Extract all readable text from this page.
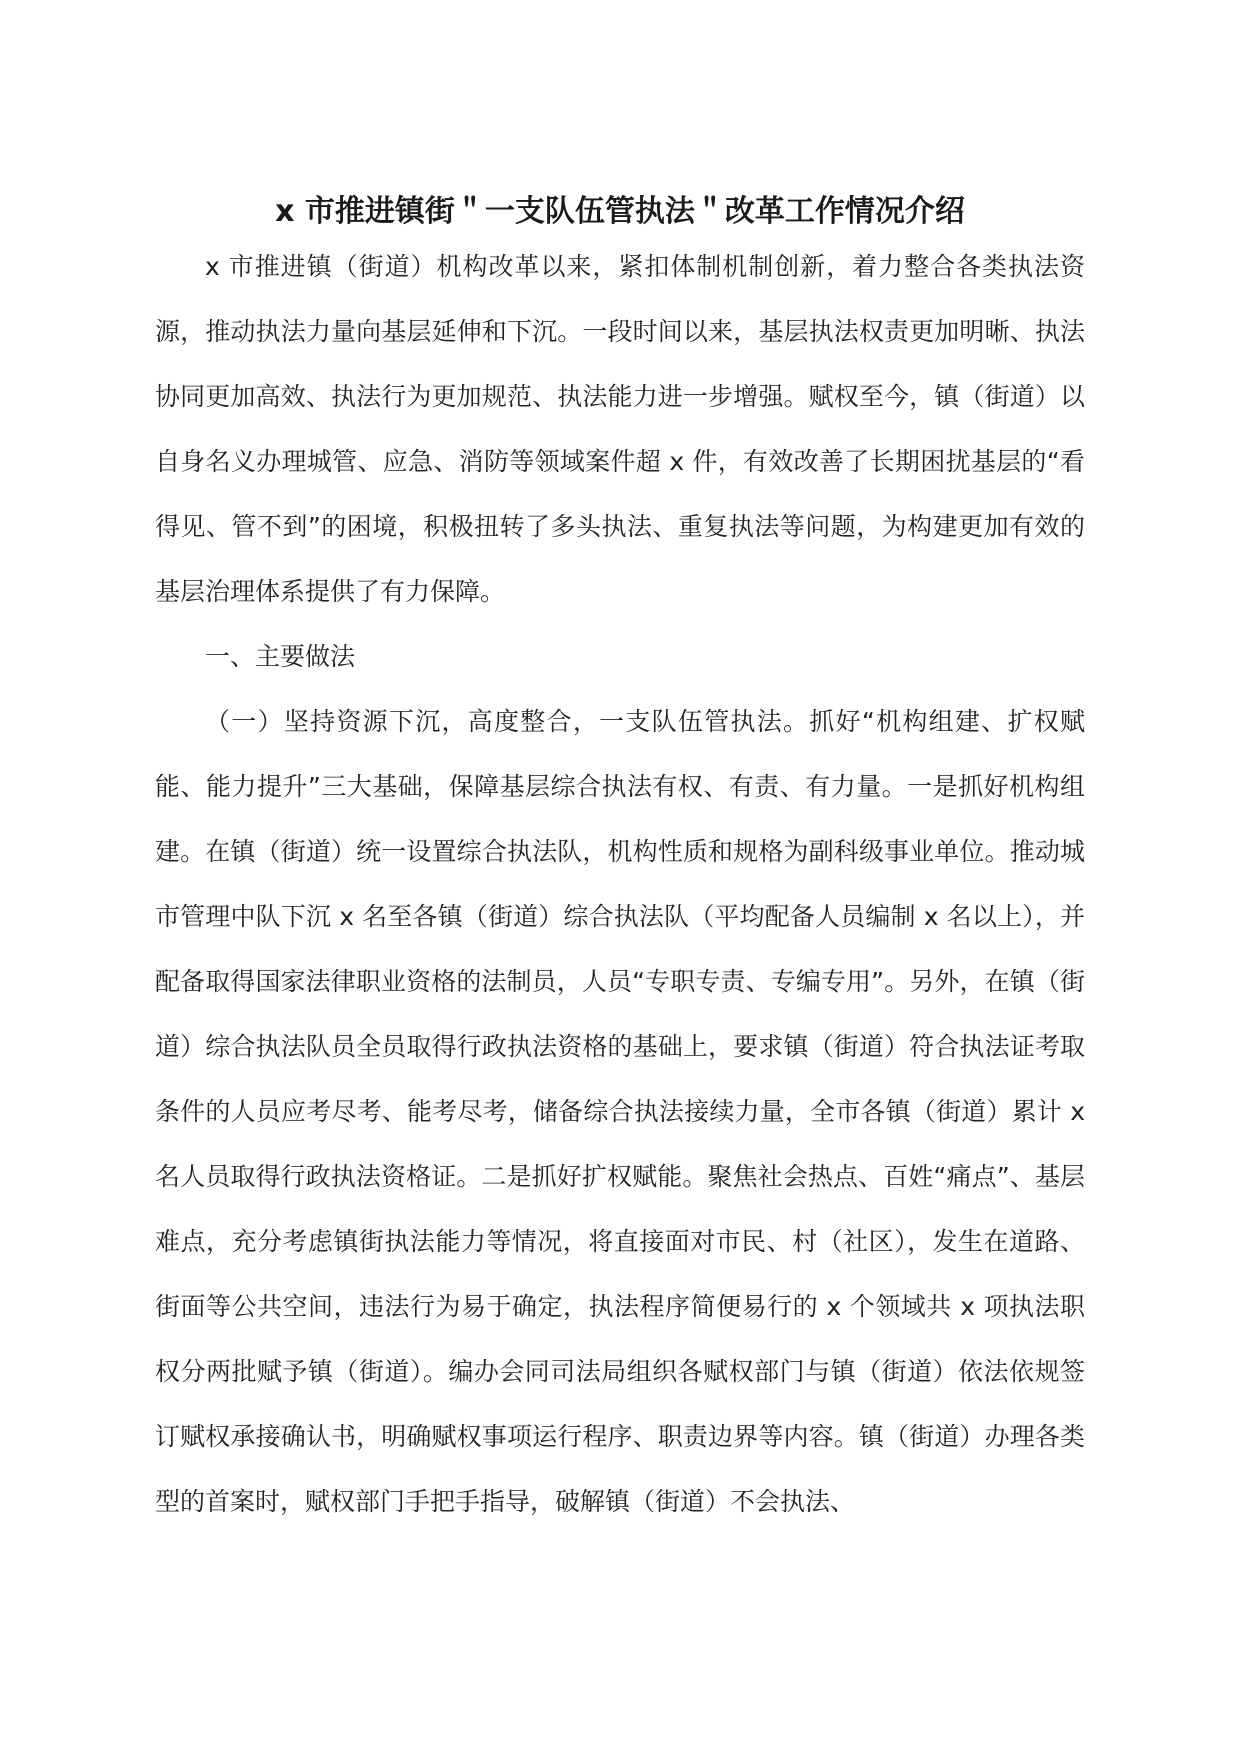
x 市推进镇街＂一支队伍管执法＂改革工作情况介绍

x 市推进镇（街道）机构改革以来，紧扣体制机制创新，着力整合各类执法资源，推动执法力量向基层延伸和下沉。一段时间以来，基层执法权责更加明晰、执法协同更加高效、执法行为更加规范、执法能力进一步增强。赋权至今，镇（街道）以自身名义办理城管、应急、消防等领域案件超 x 件，有效改善了长期困扰基层的“看得见、管不到”的困境，积极扭转了多头执法、重复执法等问题，为构建更加有效的基层治理体系提供了有力保障。

一、主要做法

（一）坚持资源下沉，高度整合，一支队伍管执法。抓好“机构组建、扩权赋能、能力提升”三大基础，保障基层综合执法有权、有责、有力量。一是抓好机构组建。在镇（街道）统一设置综合执法队，机构性质和规格为副科级事业单位。推动城市管理中队下沉 x 名至各镇（街道）综合执法队（平均配备人员编制 x 名以上），并配备取得国家法律职业资格的法制员，人员“专职专责、专编专用”。另外，在镇（街道）综合执法队员全员取得行政执法资格的基础上，要求镇（街道）符合执法证考取条件的人员应考尽考、能考尽考，储备综合执法接续力量，全市各镇（街道）累计 x 名人员取得行政执法资格证。二是抓好扩权赋能。聚焦社会热点、百姓“痛点”、基层难点，充分考虑镇街执法能力等情况，将直接面对市民、村（社区），发生在道路、街面等公共空间，违法行为易于确定，执法程序简便易行的 x 个领域共 x 项执法职权分两批赋予镇（街道）。编办会同司法局组织各赋权部门与镇（街道）依法依规签订赋权承接确认书，明确赋权事项运行程序、职责边界等内容。镇（街道）办理各类型的首案时，赋权部门手把手指导，破解镇（街道）不会执法、
